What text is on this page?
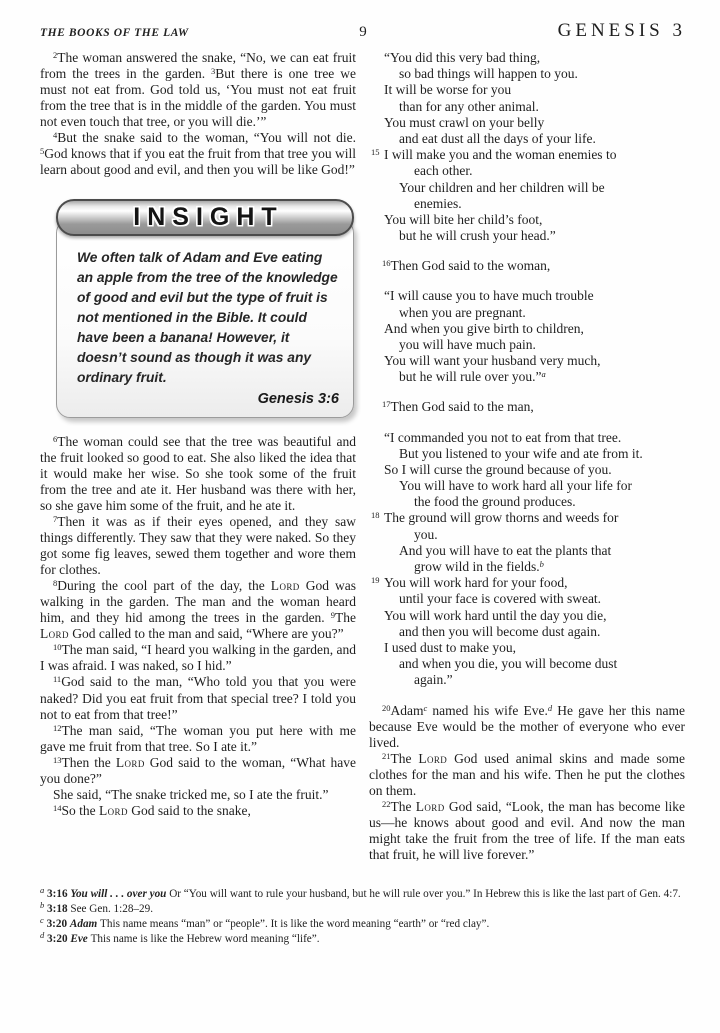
THE BOOKS OF THE LAW	9	GENESIS 3

$^2$The woman answered the snake, “No, we can eat fruit from the trees in the garden. $^3$But there is one tree we must not eat from. God told us, ‘You must not eat fruit from the tree that is in the middle of the garden. You must not even touch that tree, or you will die.’”

$^4$But the snake said to the woman, “You will not die. $^5$God knows that if you eat the fruit from that tree you will learn about good and evil, and then you will be like God!”

INSIGHT

We often talk of Adam and Eve eating an apple from the tree of the knowledge of good and evil but the type of fruit is not mentioned in the Bible. It could have been a banana! However, it doesn’t sound as though it was any ordinary fruit.

Genesis 3:6

$^6$The woman could see that the tree was beautiful and the fruit looked so good to eat. She also liked the idea that it would make her wise. So she took some of the fruit from the tree and ate it. Her husband was there with her, so she gave him some of the fruit, and he ate it.

$^7$Then it was as if their eyes opened, and they saw things differently. They saw that they were naked. So they got some fig leaves, sewed them together and wore them for clothes.

$^8$During the cool part of the day, the Lord God was walking in the garden. The man and the woman heard him, and they hid among the trees in the garden. $^9$The Lord God called to the man and said, “Where are you?”

$^{10}$The man said, “I heard you walking in the garden, and I was afraid. I was naked, so I hid.”

$^{11}$God said to the man, “Who told you that you were naked? Did you eat fruit from that special tree? I told you not to eat from that tree!”

$^{12}$The man said, “The woman you put here with me gave me fruit from that tree. So I ate it.”

$^{13}$Then the Lord God said to the woman, “What have you done?”

She said, “The snake tricked me, so I ate the fruit.”

$^{14}$So the Lord God said to the snake,

“You did this very bad thing,
so bad things will happen to you.
It will be worse for you
than for any other animal.
You must crawl on your belly
and eat dust all the days of your life.
$^{15}$ I will make you and the woman enemies to
each other.
Your children and her children will be
enemies.
You will bite her child’s foot,
but he will crush your head.”

$^{16}$Then God said to the woman,

“I will cause you to have much trouble
when you are pregnant.
And when you give birth to children,
you will have much pain.
You will want your husband very much,
but he will rule over you.”$^a$

$^{17}$Then God said to the man,

“I commanded you not to eat from that tree.
But you listened to your wife and ate from it.
So I will curse the ground because of you.
You will have to work hard all your life for
the food the ground produces.
$^{18}$ The ground will grow thorns and weeds for
you.
And you will have to eat the plants that
grow wild in the fields.$^b$
$^{19}$ You will work hard for your food,
until your face is covered with sweat.
You will work hard until the day you die,
and then you will become dust again.
I used dust to make you,
and when you die, you will become dust
again.”

$^{20}$Adam$^c$ named his wife Eve.$^d$ He gave her this name because Eve would be the mother of everyone who ever lived.

$^{21}$The Lord God used animal skins and made some clothes for the man and his wife. Then he put the clothes on them.

$^{22}$The Lord God said, “Look, the man has become like us—he knows about good and evil. And now the man might take the fruit from the tree of life. If the man eats that fruit, he will live forever.”

$^a$ 3:16 You will . . . over you Or “You will want to rule your husband, but he will rule over you.” In Hebrew this is like the last part of Gen. 4:7.
$^b$ 3:18 See Gen. 1:28–29.
$^c$ 3:20 Adam This name means “man” or “people”. It is like the word meaning “earth” or “red clay”.
$^d$ 3:20 Eve This name is like the Hebrew word meaning “life”.
